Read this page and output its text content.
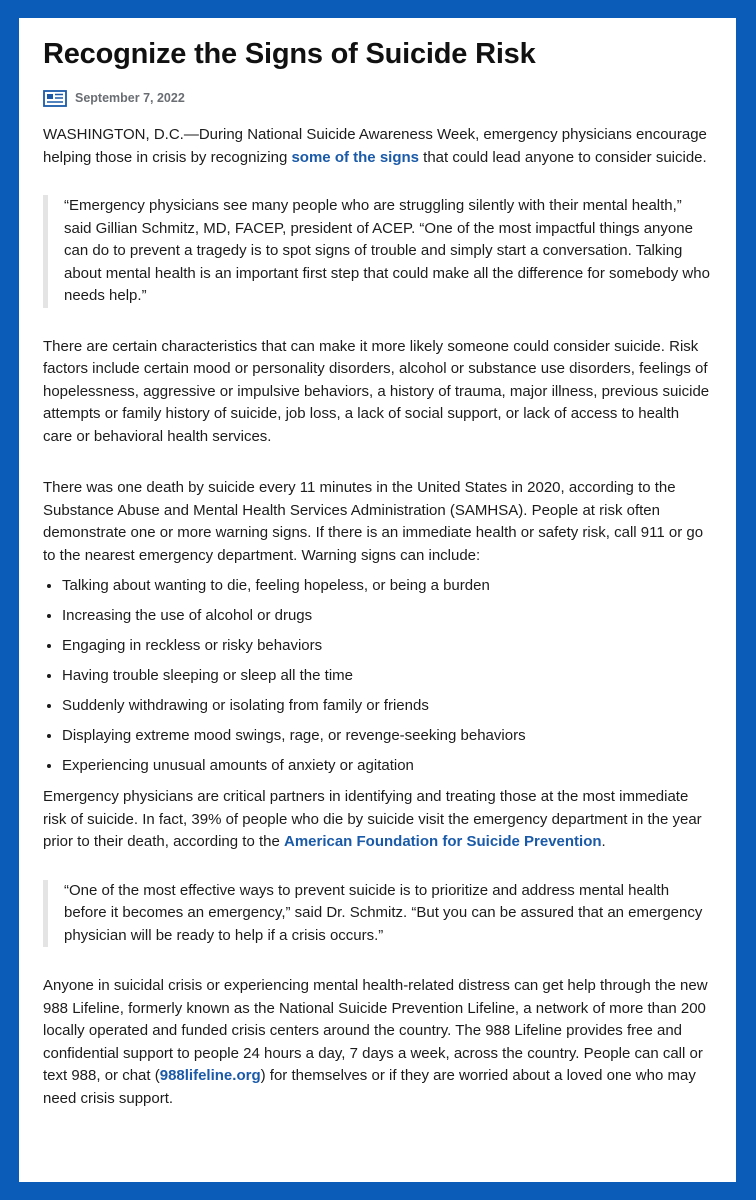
Recognize the Signs of Suicide Risk
September 7, 2022

WASHINGTON, D.C.—During National Suicide Awareness Week, emergency physicians encourage helping those in crisis by recognizing some of the signs that could lead anyone to consider suicide.

“Emergency physicians see many people who are struggling silently with their mental health,” said Gillian Schmitz, MD, FACEP, president of ACEP. “One of the most impactful things anyone can do to prevent a tragedy is to spot signs of trouble and simply start a conversation. Talking about mental health is an important first step that could make all the difference for somebody who needs help.”

There are certain characteristics that can make it more likely someone could consider suicide. Risk factors include certain mood or personality disorders, alcohol or substance use disorders, feelings of hopelessness, aggressive or impulsive behaviors, a history of trauma, major illness, previous suicide attempts or family history of suicide, job loss, a lack of social support, or lack of access to health care or behavioral health services.

There was one death by suicide every 11 minutes in the United States in 2020, according to the Substance Abuse and Mental Health Services Administration (SAMHSA). People at risk often demonstrate one or more warning signs. If there is an immediate health or safety risk, call 911 or go to the nearest emergency department. Warning signs can include:

• Talking about wanting to die, feeling hopeless, or being a burden
• Increasing the use of alcohol or drugs
• Engaging in reckless or risky behaviors
• Having trouble sleeping or sleep all the time
• Suddenly withdrawing or isolating from family or friends
• Displaying extreme mood swings, rage, or revenge-seeking behaviors
• Experiencing unusual amounts of anxiety or agitation

Emergency physicians are critical partners in identifying and treating those at the most immediate risk of suicide. In fact, 39% of people who die by suicide visit the emergency department in the year prior to their death, according to the American Foundation for Suicide Prevention.

“One of the most effective ways to prevent suicide is to prioritize and address mental health before it becomes an emergency,” said Dr. Schmitz. “But you can be assured that an emergency physician will be ready to help if a crisis occurs.”

Anyone in suicidal crisis or experiencing mental health-related distress can get help through the new 988 Lifeline, formerly known as the National Suicide Prevention Lifeline, a network of more than 200 locally operated and funded crisis centers around the country. The 988 Lifeline provides free and confidential support to people 24 hours a day, 7 days a week, across the country. People can call or text 988, or chat (988lifeline.org) for themselves or if they are worried about a loved one who may need crisis support.
